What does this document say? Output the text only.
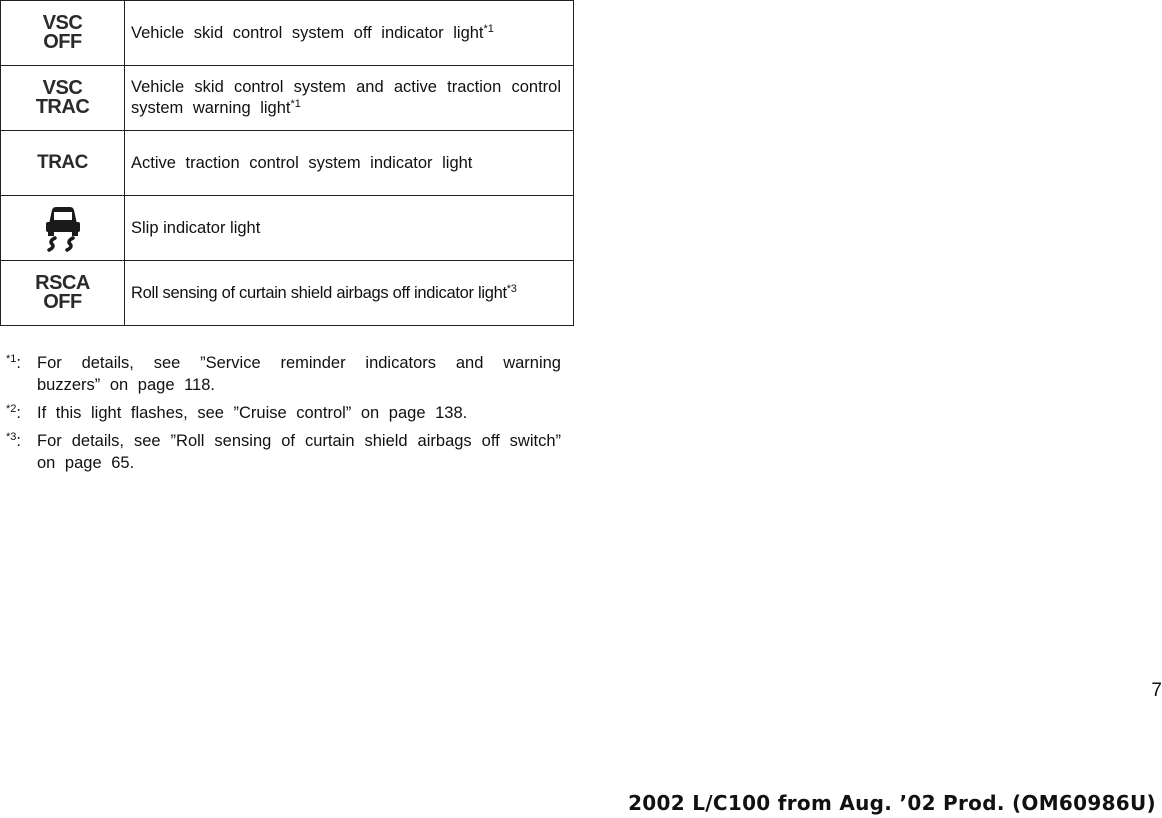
VSC
OFF	Vehicle skid control system off indicator light$^{*1}$

VSC
TRAC	Vehicle skid control system and active traction control system warning light$^{*1}$

TRAC	Active traction control system indicator light
	Slip indicator light

RSCA
OFF	Roll sensing of curtain shield airbags off indicator light$^{*3}$
$^{*1}$: For details, see ”Service reminder indicators and warning buzzers” on page 118.
$^{*2}$: If this light flashes, see ”Cruise control” on page 138.
$^{*3}$: For details, see ”Roll sensing of curtain shield airbags off switch” on page 65.
7
2002 L/C100 from Aug. ’02 Prod. (OM60986U)
